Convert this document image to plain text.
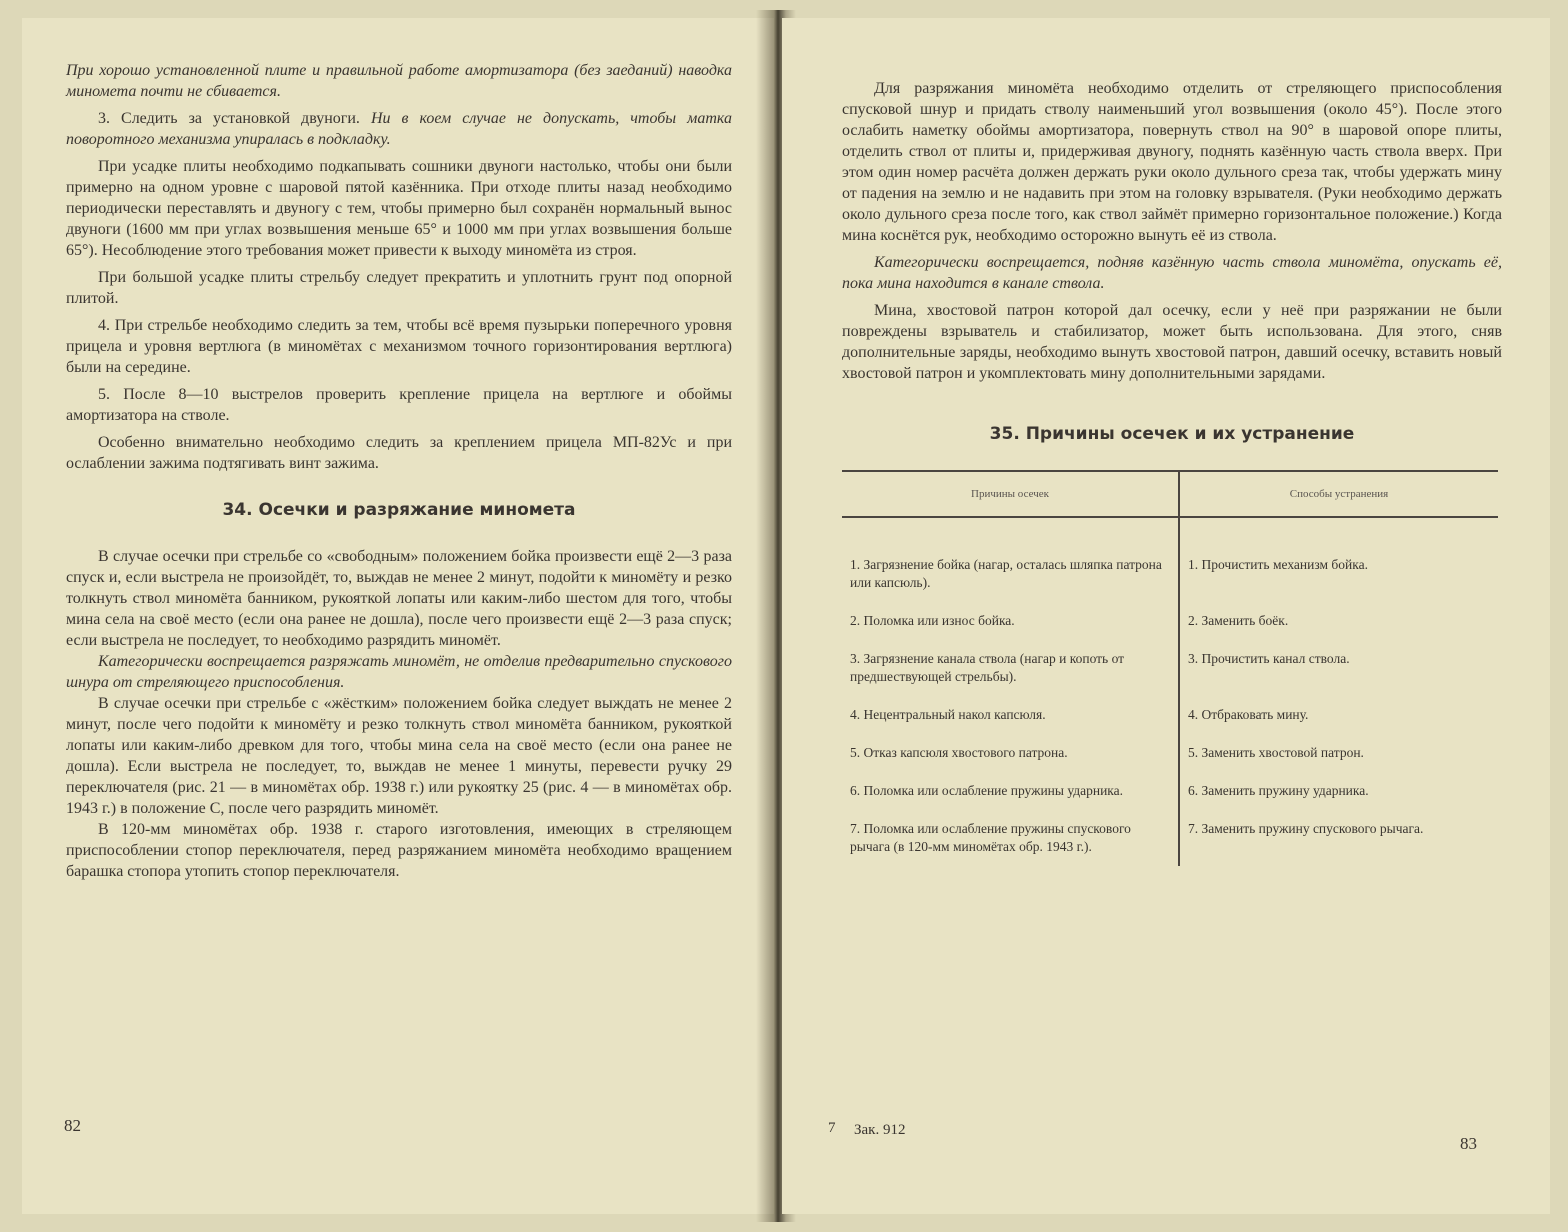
При хорошо установленной плите и правильной работе амортизатора (без заеданий) наводка миномета почти не сбивается.

3. Следить за установкой двуноги. Ни в коем случае не допускать, чтобы матка поворотного механизма упиралась в подкладку.

При усадке плиты необходимо подкапывать сошники двуноги настолько, чтобы они были примерно на одном уровне с шаровой пятой казённика. При отходе плиты назад необходимо периодически переставлять и двуногу с тем, чтобы примерно был сохранён нормальный вынос двуноги (1600 мм при углах возвышения меньше 65° и 1000 мм при углах возвышения больше 65°). Несоблюдение этого требования может привести к выходу миномёта из строя.

При большой усадке плиты стрельбу следует прекратить и уплотнить грунт под опорной плитой.

4. При стрельбе необходимо следить за тем, чтобы всё время пузырьки поперечного уровня прицела и уровня вертлюга (в миномётах с механизмом точного горизонтирования вертлюга) были на середине.

5. После 8—10 выстрелов проверить крепление прицела на вертлюге и обоймы амортизатора на стволе.

Особенно внимательно необходимо следить за креплением прицела МП-82Ус и при ослаблении зажима подтягивать винт зажима.

34. Осечки и разряжание миномета

В случае осечки при стрельбе со «свободным» положением бойка произвести ещё 2—3 раза спуск и, если выстрела не произойдёт, то, выждав не менее 2 минут, подойти к миномёту и резко толкнуть ствол миномёта банником, рукояткой лопаты или каким-либо шестом для того, чтобы мина села на своё место (если она ранее не дошла), после чего произвести ещё 2—3 раза спуск; если выстрела не последует, то необходимо разрядить миномёт.

Категорически воспрещается разряжать миномёт, не отделив предварительно спускового шнура от стреляющего приспособления.

В случае осечки при стрельбе с «жёстким» положением бойка следует выждать не менее 2 минут, после чего подойти к миномёту и резко толкнуть ствол миномёта банником, рукояткой лопаты или каким-либо древком для того, чтобы мина села на своё место (если она ранее не дошла). Если выстрела не последует, то, выждав не менее 1 минуты, перевести ручку 29 переключателя (рис. 21 — в миномётах обр. 1938 г.) или рукоятку 25 (рис. 4 — в миномётах обр. 1943 г.) в положение С, после чего разрядить миномёт.

В 120-мм миномётах обр. 1938 г. старого изготовления, имеющих в стреляющем приспособлении стопор переключателя, перед разряжанием миномёта необходимо вращением барашка стопора утопить стопор переключателя.

82

Для разряжания миномёта необходимо отделить от стреляющего приспособления спусковой шнур и придать стволу наименьший угол возвышения (около 45°). После этого ослабить наметку обоймы амортизатора, повернуть ствол на 90° в шаровой опоре плиты, отделить ствол от плиты и, придерживая двуногу, поднять казённую часть ствола вверх. При этом один номер расчёта должен держать руки около дульного среза так, чтобы удержать мину от падения на землю и не надавить при этом на головку взрывателя. (Руки необходимо держать около дульного среза после того, как ствол займёт примерно горизонтальное положение.) Когда мина коснётся рук, необходимо осторожно вынуть её из ствола.

Категорически воспрещается, подняв казённую часть ствола миномёта, опускать её, пока мина находится в канале ствола.

Мина, хвостовой патрон которой дал осечку, если у неё при разряжании не были повреждены взрыватель и стабилизатор, может быть использована. Для этого, сняв дополнительные заряды, необходимо вынуть хвостовой патрон, давший осечку, вставить новый хвостовой патрон и укомплектовать мину дополнительными зарядами.

35. Причины осечек и их устранение
Причины осечек	Способы устранения
1. Загрязнение бойка (нагар, осталась шляпка патрона или капсюль).	1. Прочистить механизм бойка.
2. Поломка или износ бойка.	2. Заменить боёк.
3. Загрязнение канала ствола (нагар и копоть от предшествующей стрельбы).	3. Прочистить канал ствола.
4. Нецентральный накол капсюля.	4. Отбраковать мину.
5. Отказ капсюля хвостового патрона.	5. Заменить хвостовой патрон.
6. Поломка или ослабление пружины ударника.	6. Заменить пружину ударника.
7. Поломка или ослабление пружины спускового рычага (в 120-мм миномётах обр. 1943 г.).	7. Заменить пружину спускового рычага.
7 Зак. 912
83
